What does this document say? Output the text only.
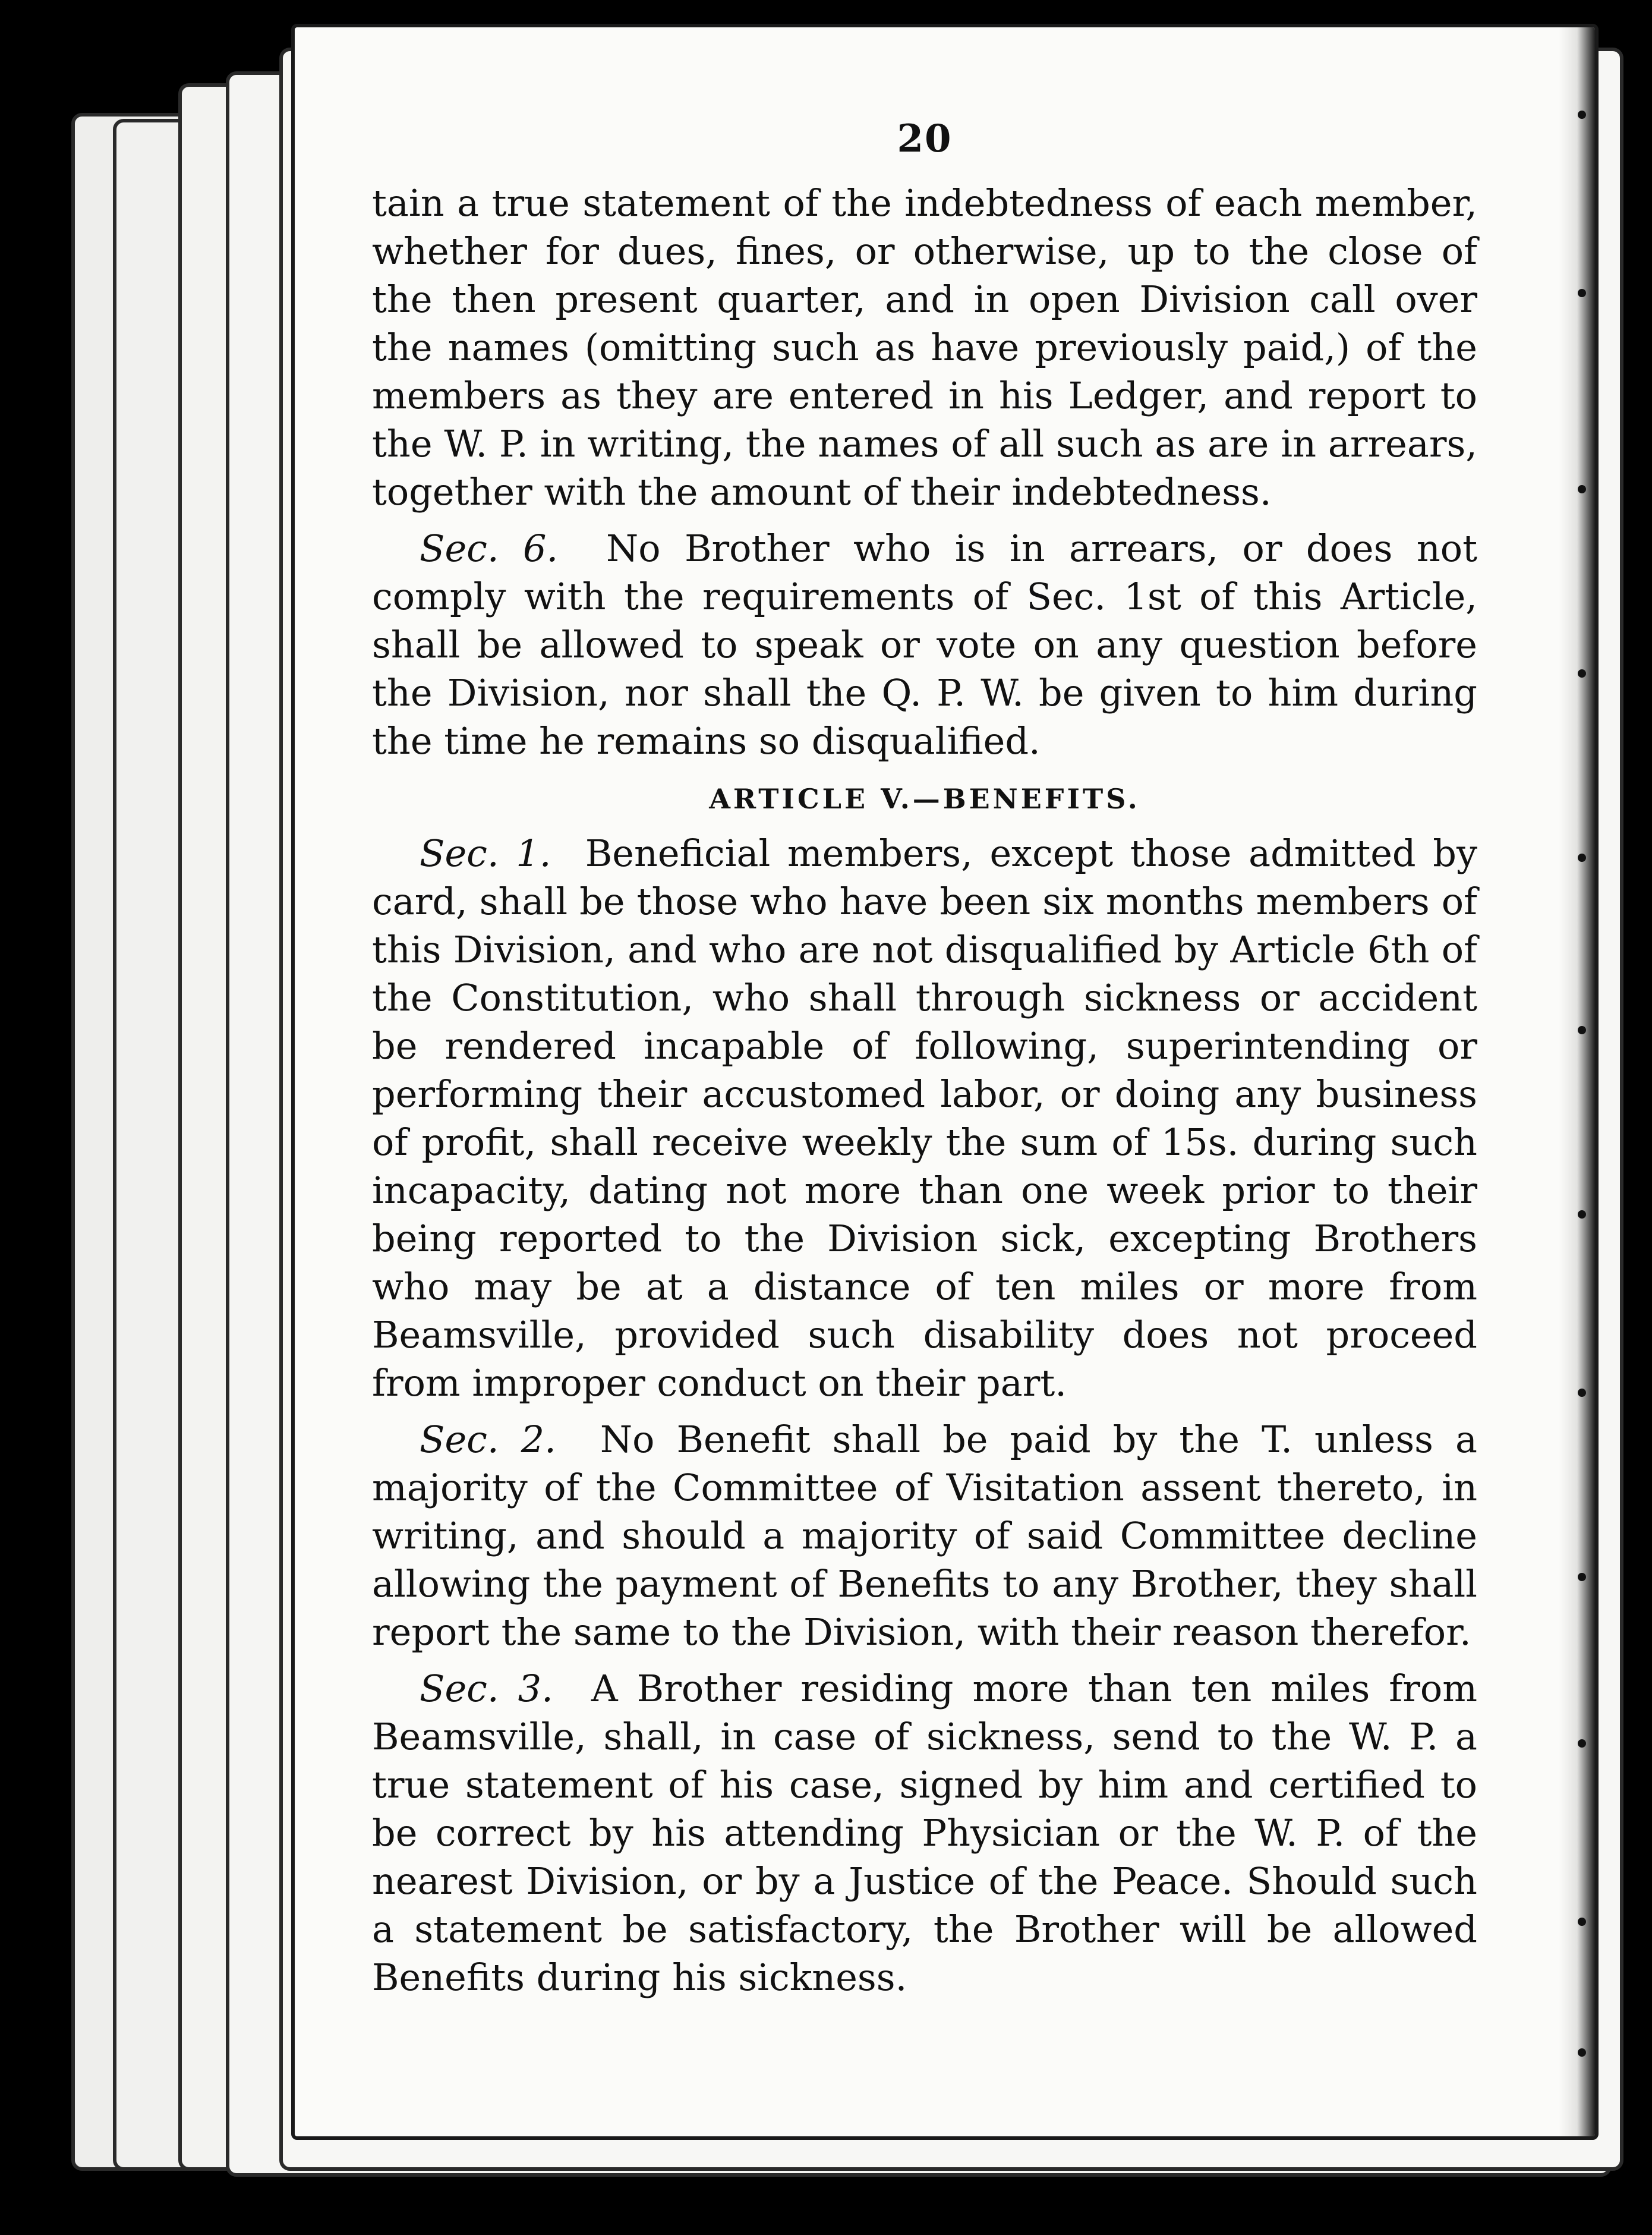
20

tain a true statement of the indebtedness of each member, whether for dues, fines, or otherwise, up to the close of the then present quarter, and in open Division call over the names (omitting such as have previously paid,) of the members as they are entered in his Ledger, and report to the W. P. in writing, the names of all such as are in arrears, together with the amount of their indebtedness.

Sec. 6. No Brother who is in arrears, or does not comply with the requirements of Sec. 1st of this Article, shall be allowed to speak or vote on any question before the Division, nor shall the Q. P. W. be given to him during the time he remains so disqualified.

ARTICLE V.—BENEFITS.

Sec. 1. Beneficial members, except those admitted by card, shall be those who have been six months members of this Division, and who are not disqualified by Article 6th of the Constitution, who shall through sickness or accident be rendered incapable of following, superintending or performing their accustomed labor, or doing any business of profit, shall receive weekly the sum of 15s. during such incapacity, dating not more than one week prior to their being reported to the Division sick, excepting Brothers who may be at a distance of ten miles or more from Beamsville, provided such disability does not proceed from improper conduct on their part.

Sec. 2. No Benefit shall be paid by the T. unless a majority of the Committee of Visitation assent thereto, in writing, and should a majority of said Committee decline allowing the payment of Benefits to any Brother, they shall report the same to the Division, with their reason therefor.

Sec. 3. A Brother residing more than ten miles from Beamsville, shall, in case of sickness, send to the W. P. a true statement of his case, signed by him and certified to be correct by his attending Physician or the W. P. of the nearest Division, or by a Justice of the Peace. Should such a statement be satisfactory, the Brother will be allowed Benefits during his sickness.
